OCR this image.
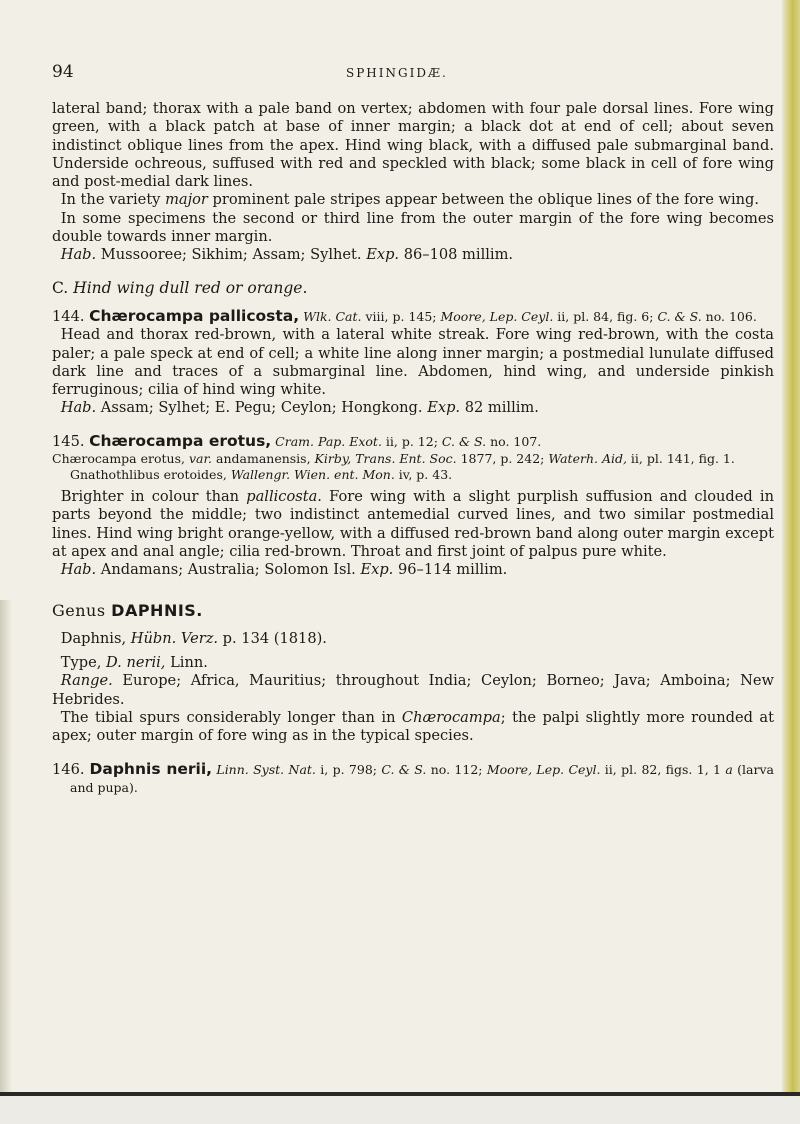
94	SPHINGIDÆ.

lateral band; thorax with a pale band on vertex; abdomen with four pale dorsal lines. Fore wing green, with a black patch at base of inner margin; a black dot at end of cell; about seven indistinct oblique lines from the apex. Hind wing black, with a diffused pale submarginal band. Underside ochreous, suffused with red and speckled with black; some black in cell of fore wing and post-medial dark lines.

In the variety major prominent pale stripes appear between the oblique lines of the fore wing.

In some specimens the second or third line from the outer margin of the fore wing becomes double towards inner margin.

Hab. Mussooree; Sikhim; Assam; Sylhet. Exp. 86–108 millim.

C. Hind wing dull red or orange.

144. Chærocampa pallicosta, Wlk. Cat. viii, p. 145; Moore, Lep. Ceyl. ii, pl. 84, fig. 6; C. & S. no. 106.

Head and thorax red-brown, with a lateral white streak. Fore wing red-brown, with the costa paler; a pale speck at end of cell; a white line along inner margin; a postmedial lunulate diffused dark line and traces of a submarginal line. Abdomen, hind wing, and underside pinkish ferruginous; cilia of hind wing white.

Hab. Assam; Sylhet; E. Pegu; Ceylon; Hongkong. Exp. 82 millim.

145. Chærocampa erotus, Cram. Pap. Exot. ii, p. 12; C. & S. no. 107.

Chærocampa erotus, var. andamanensis, Kirby, Trans. Ent. Soc. 1877, p. 242; Waterh. Aid, ii, pl. 141, fig. 1.

Gnathothlibus erotoides, Wallengr. Wien. ent. Mon. iv, p. 43.

Brighter in colour than pallicosta. Fore wing with a slight purplish suffusion and clouded in parts beyond the middle; two indistinct antemedial curved lines, and two similar postmedial lines. Hind wing bright orange-yellow, with a diffused red-brown band along outer margin except at apex and anal angle; cilia red-brown. Throat and first joint of palpus pure white.

Hab. Andamans; Australia; Solomon Isl. Exp. 96–114 millim.

Genus DAPHNIS.

Daphnis, Hübn. Verz. p. 134 (1818).

Type, D. nerii, Linn.

Range. Europe; Africa, Mauritius; throughout India; Ceylon; Borneo; Java; Amboina; New Hebrides.

The tibial spurs considerably longer than in Chærocampa; the palpi slightly more rounded at apex; outer margin of fore wing as in the typical species.

146. Daphnis nerii, Linn. Syst. Nat. i, p. 798; C. & S. no. 112; Moore, Lep. Ceyl. ii, pl. 82, figs. 1, 1 a (larva and pupa).
